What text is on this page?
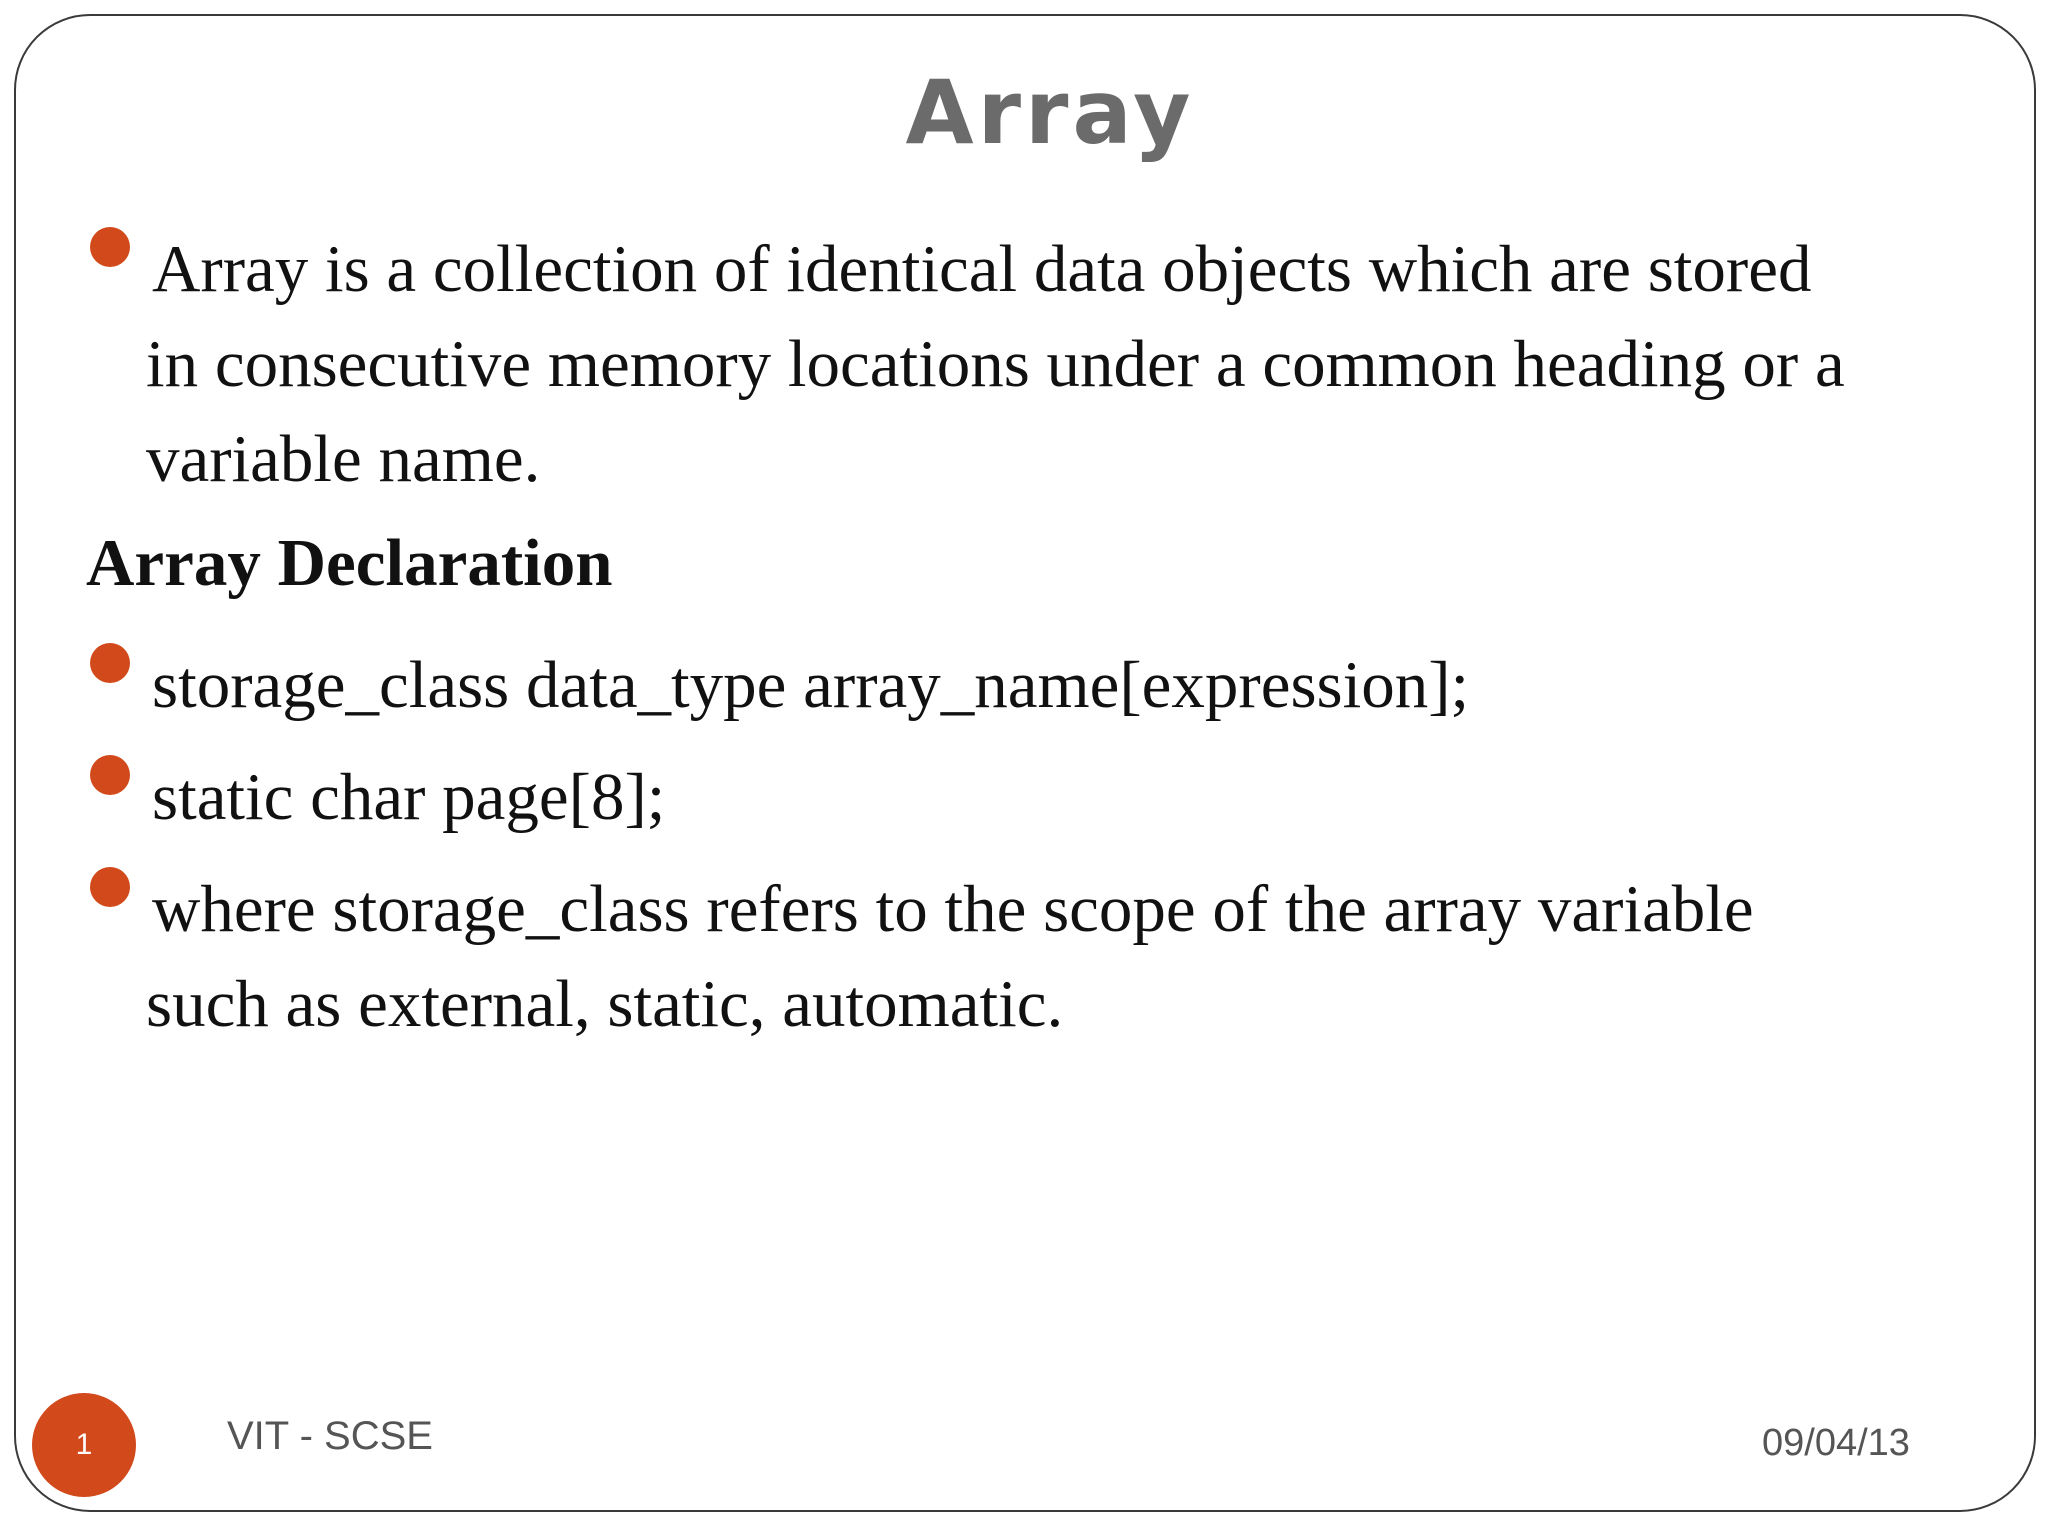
Array
Array is a collection of identical data objects which are stored
in consecutive memory locations under a common heading or a
variable name.
Array Declaration
storage_class data_type array_name[expression];
static char page[8];
where storage_class refers to the scope of the array variable
such as external, static, automatic.
1	VIT - SCSE	09/04/13
